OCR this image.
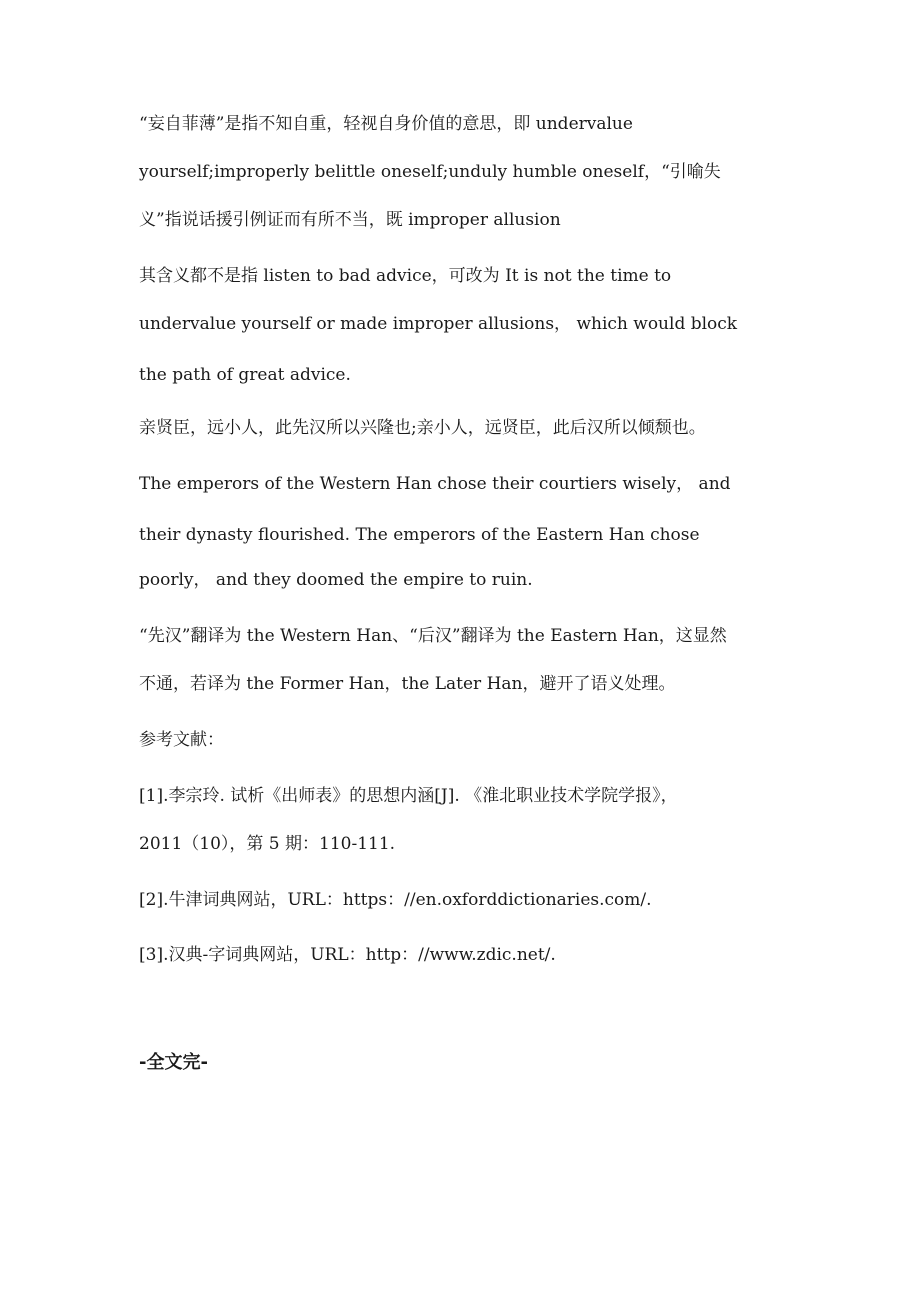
“妄自菲薄”是指不知自重，轻视自身价值的意思，即 undervalue
yourself;improperly belittle oneself;unduly humble oneself，“引喻失
义”指说话援引例证而有所不当，既 improper allusion
其含义都不是指 listen to bad advice，可改为 It is not the time to
undervalue yourself or made improper allusions， which would block
the path of great advice.
亲贤臣，远小人，此先汉所以兴隆也;亲小人，远贤臣，此后汉所以倾颓也。
The emperors of the Western Han chose their courtiers wisely， and
their dynasty flourished. The emperors of the Eastern Han chose
poorly， and they doomed the empire to ruin.
“先汉”翻译为 the Western Han、“后汉”翻译为 the Eastern Han，这显然
不通，若译为 the Former Han，the Later Han，避开了语义处理。
参考文献：
[1].李宗玲. 试析《出师表》的思想内涵[J]. 《淮北职业技术学院学报》，
2011（10），第 5 期：110-111.
[2].牛津词典网站，URL：https：//en.oxforddictionaries.com/.
[3].汉典-字词典网站，URL：http：//www.zdic.net/.
-全文完-
